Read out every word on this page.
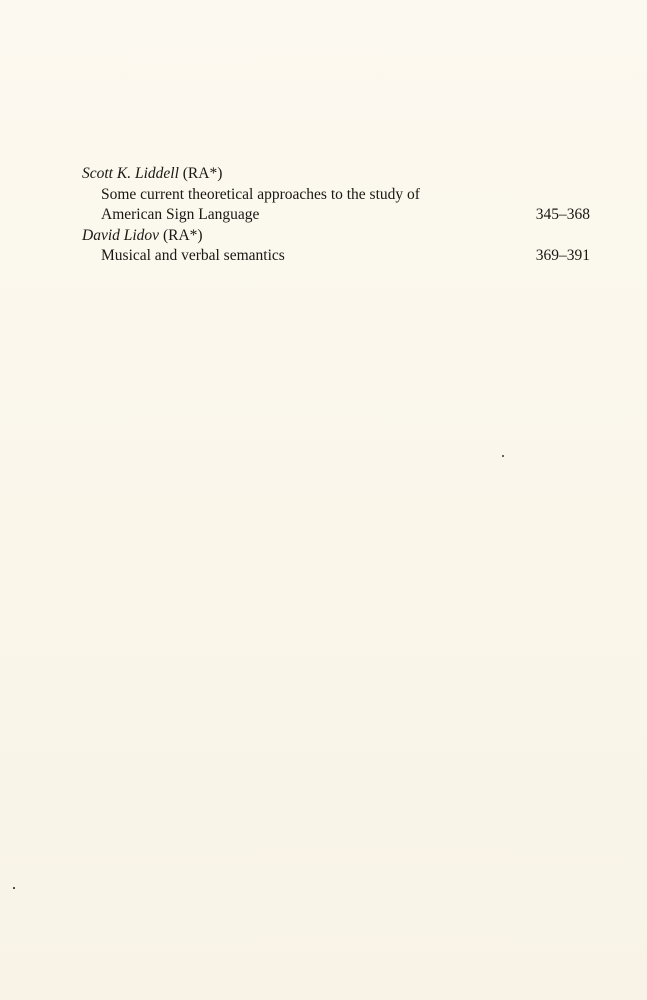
Scott K. Liddell (RA*)
Some current theoretical approaches to the study of
American Sign Language	345–368
David Lidov (RA*)
Musical and verbal semantics	369–391
